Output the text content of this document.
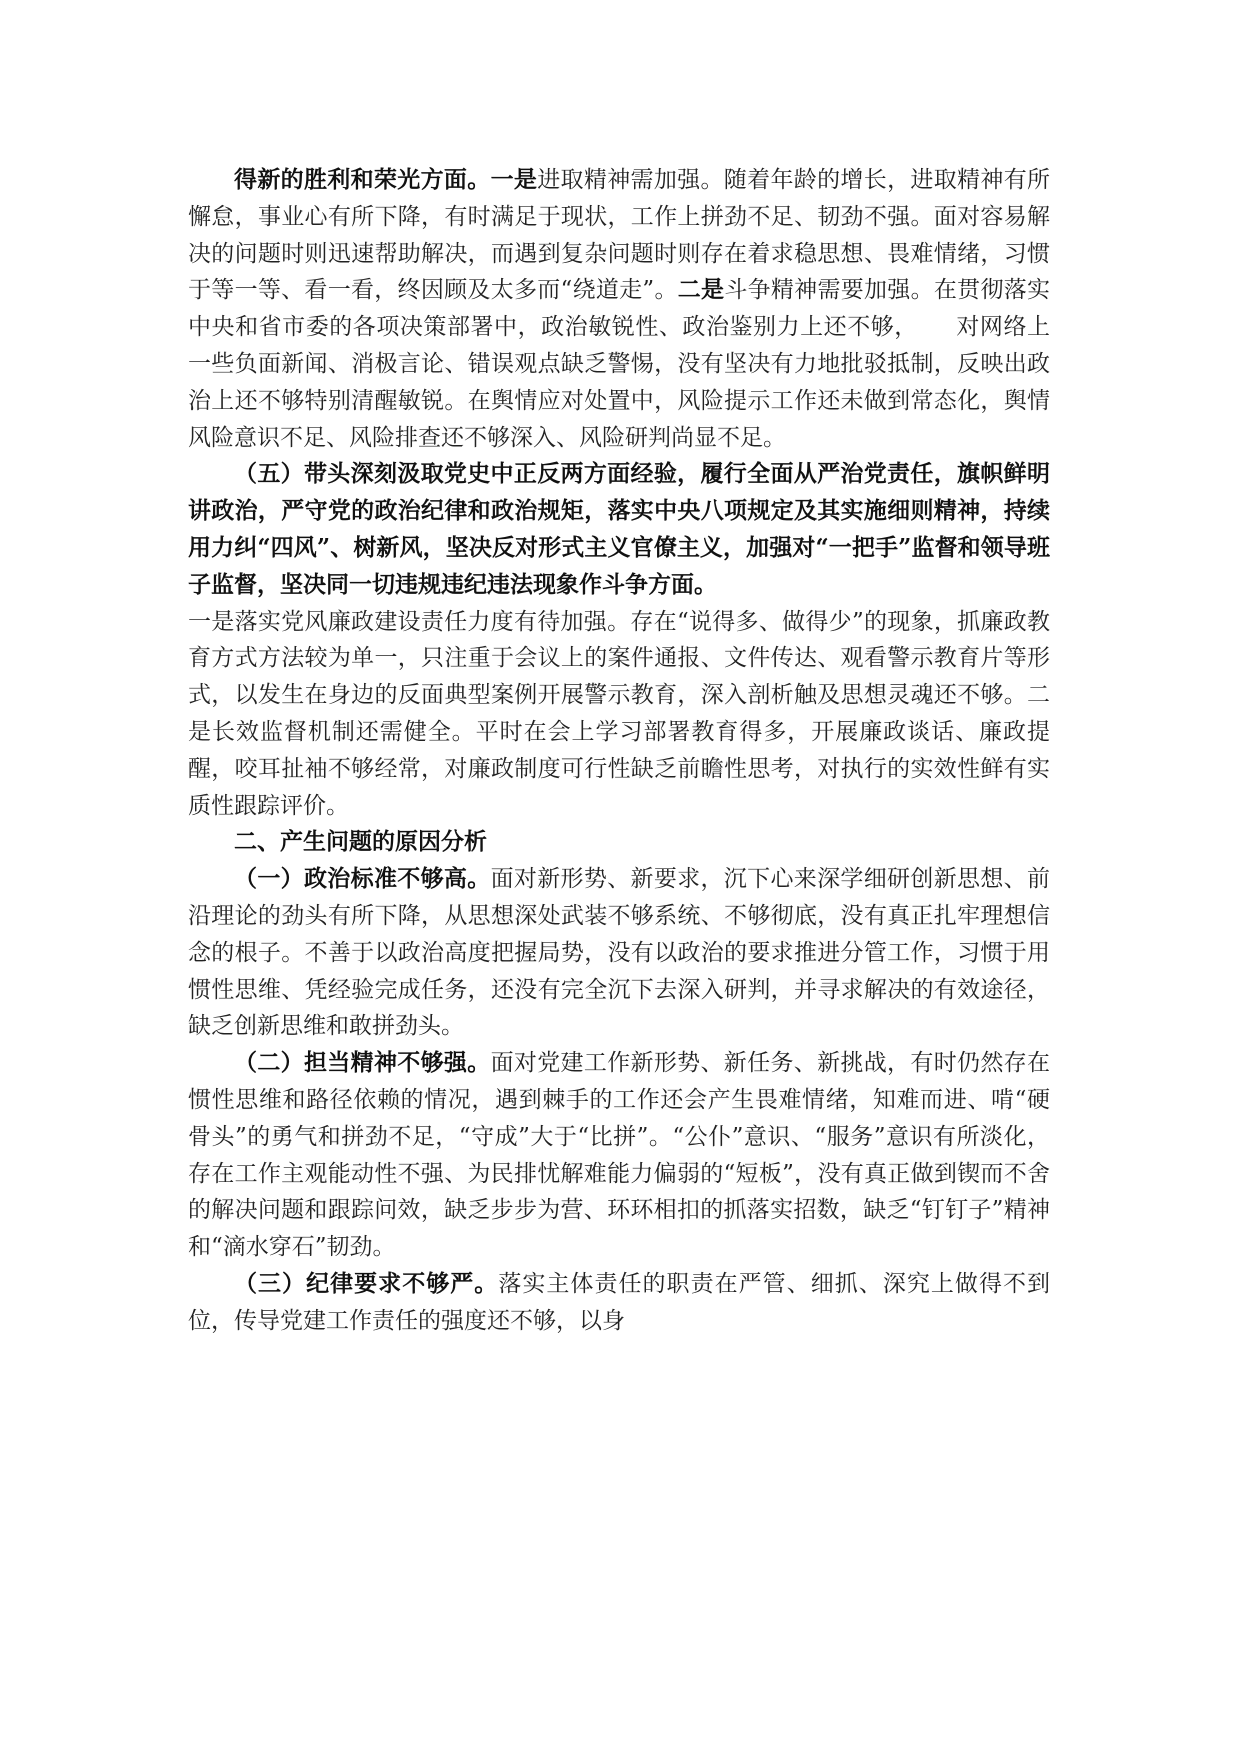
得新的胜利和荣光方面。一是进取精神需加强。随着年龄的增长，进取精神有所懈怠，事业心有所下降，有时满足于现状，工作上拼劲不足、韧劲不强。面对容易解决的问题时则迅速帮助解决，而遇到复杂问题时则存在着求稳思想、畏难情绪，习惯于等一等、看一看，终因顾及太多而“绕道走”。二是斗争精神需要加强。在贯彻落实中央和省市委的各项决策部署中，政治敏锐性、政治鉴别力上还不够， 对网络上一些负面新闻、消极言论、错误观点缺乏警惕，没有坚决有力地批驳抵制，反映出政治上还不够特别清醒敏锐。在舆情应对处置中，风险提示工作还未做到常态化，舆情风险意识不足、风险排查还不够深入、风险研判尚显不足。

（五）带头深刻汲取党史中正反两方面经验，履行全面从严治党责任，旗帜鲜明讲政治，严守党的政治纪律和政治规矩，落实中央八项规定及其实施细则精神，持续用力纠“四风”、树新风，坚决反对形式主义官僚主义，加强对“一把手”监督和领导班子监督，坚决同一切违规违纪违法现象作斗争方面。

一是落实党风廉政建设责任力度有待加强。存在“说得多、做得少”的现象，抓廉政教育方式方法较为单一，只注重于会议上的案件通报、文件传达、观看警示教育片等形式，以发生在身边的反面典型案例开展警示教育，深入剖析触及思想灵魂还不够。二是长效监督机制还需健全。平时在会上学习部署教育得多，开展廉政谈话、廉政提醒，咬耳扯袖不够经常，对廉政制度可行性缺乏前瞻性思考，对执行的实效性鲜有实质性跟踪评价。

二、产生问题的原因分析

（一）政治标准不够高。面对新形势、新要求，沉下心来深学细研创新思想、前沿理论的劲头有所下降，从思想深处武装不够系统、不够彻底，没有真正扎牢理想信念的根子。不善于以政治高度把握局势，没有以政治的要求推进分管工作，习惯于用惯性思维、凭经验完成任务，还没有完全沉下去深入研判，并寻求解决的有效途径，缺乏创新思维和敢拼劲头。

（二）担当精神不够强。面对党建工作新形势、新任务、新挑战，有时仍然存在惯性思维和路径依赖的情况，遇到棘手的工作还会产生畏难情绪，知难而进、啃“硬骨头”的勇气和拼劲不足，“守成”大于“比拼”。“公仆”意识、“服务”意识有所淡化，存在工作主观能动性不强、为民排忧解难能力偏弱的“短板”，没有真正做到锲而不舍的解决问题和跟踪问效，缺乏步步为营、环环相扣的抓落实招数，缺乏“钉钉子”精神和“滴水穿石”韧劲。

（三）纪律要求不够严。落实主体责任的职责在严管、细抓、深究上做得不到位，传导党建工作责任的强度还不够，以身
